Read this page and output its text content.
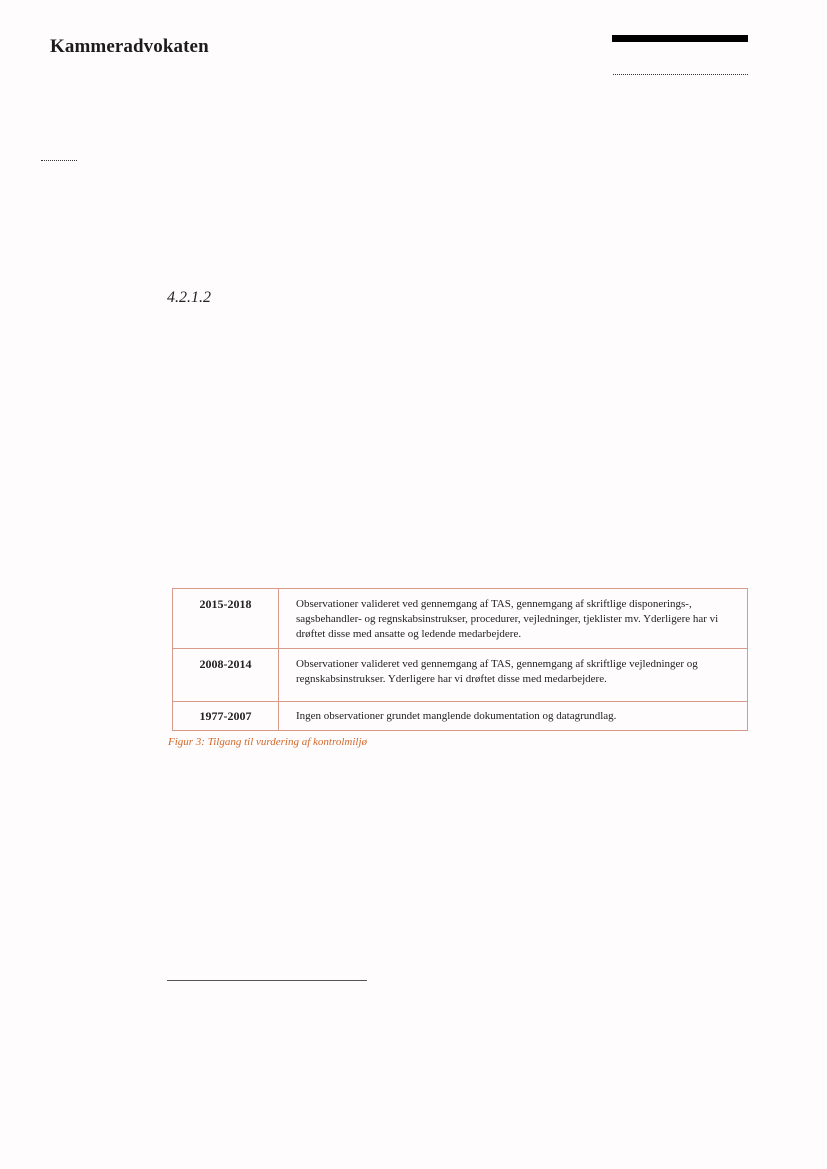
Kammeradvokaten
4.2.1.2
2015-2018	Observationer valideret ved gennemgang af TAS, gennemgang af skriftlige disponerings-, sagsbehandler- og regnskabsinstrukser, procedurer, vejledninger, tjeklister mv. Yderligere har vi drøftet disse med ansatte og ledende medarbejdere.
2008-2014	Observationer valideret ved gennemgang af TAS, gennemgang af skriftlige vejledninger og regnskabsinstrukser. Yderligere har vi drøftet disse med medarbejdere.
1977-2007	Ingen observationer grundet manglende dokumentation og datagrundlag.
Figur 3: Tilgang til vurdering af kontrolmiljø
